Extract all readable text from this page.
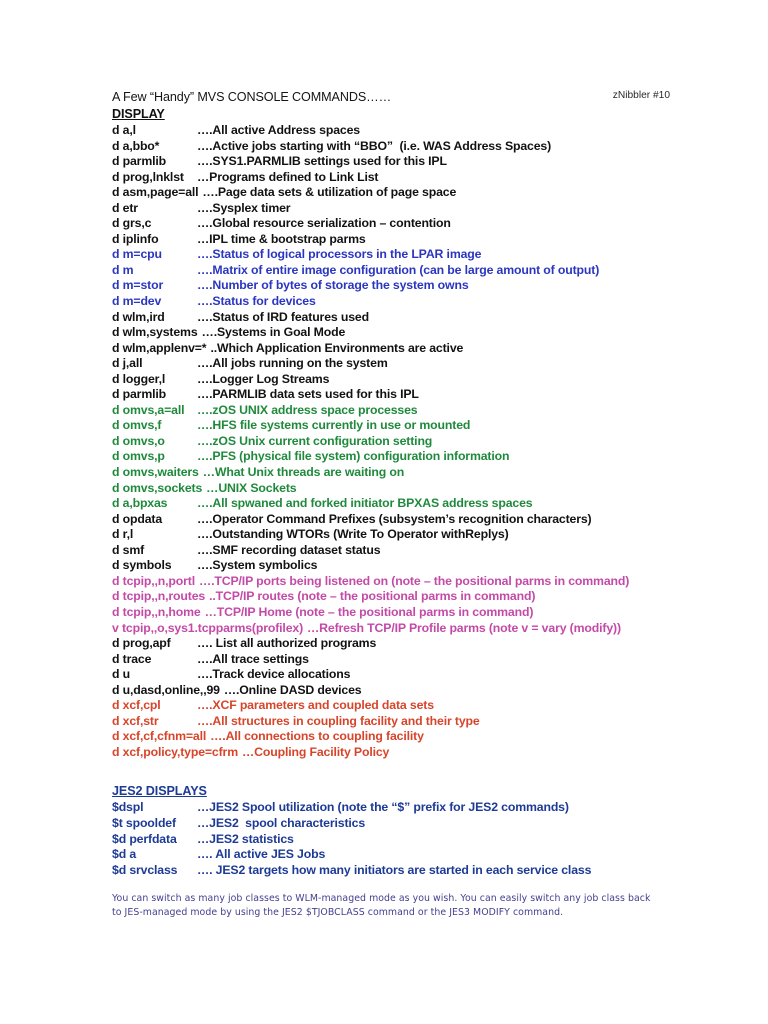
A Few “Handy” MVS CONSOLE COMMANDS……	zNibbler #10
DISPLAY
d a,l	….All active Address spaces
d a,bbo*	….Active jobs starting with “BBO”  (i.e. WAS Address Spaces)
d parmlib	….SYS1.PARMLIB settings used for this IPL
d prog,lnklst …Programs defined to Link List
d asm,page=all ….Page data sets & utilization of page space
d etr	….Sysplex timer
d grs,c	….Global resource serialization – contention
d iplinfo	…IPL time & bootstrap parms
d m=cpu	….Status of logical processors in the LPAR image
d m	….Matrix of entire image configuration (can be large amount of output)
d m=stor	….Number of bytes of storage the system owns
d m=dev	….Status for devices
d wlm,ird	….Status of IRD features used
d wlm,systems ….Systems in Goal Mode
d wlm,applenv=* ..Which Application Environments are active
d j,all	….All jobs running on the system
d logger,l	….Logger Log Streams
d parmlib	….PARMLIB data sets used for this IPL
d omvs,a=all ….zOS UNIX address space processes
d omvs,f	….HFS file systems currently in use or mounted
d omvs,o	….zOS Unix current configuration setting
d omvs,p	….PFS (physical file system) configuration information
d omvs,waiters …What Unix threads are waiting on
d omvs,sockets …UNIX Sockets
d a,bpxas ….All spwaned and forked initiator BPXAS address spaces
d opdata	….Operator Command Prefixes (subsystem’s recognition characters)
d r,l	….Outstanding WTORs (Write To Operator withReplys)
d smf	….SMF recording dataset status
d symbols ….System symbolics
d tcpip,,n,portl ….TCP/IP ports being listened on (note – the positional parms in command)
d tcpip,,n,routes ..TCP/IP routes (note – the positional parms in command)
d tcpip,,n,home …TCP/IP Home (note – the positional parms in command)
v tcpip,,o,sys1.tcpparms(profilex) …Refresh TCP/IP Profile parms (note v = vary (modify))
d prog,apf …. List all authorized programs
d trace	….All trace settings
d u	….Track device allocations
d u,dasd,online,,99 ….Online DASD devices
d xcf,cpl	….XCF parameters and coupled data sets
d xcf,str	….All structures in coupling facility and their type
d xcf,cf,cfnm=all ….All connections to coupling facility
d xcf,policy,type=cfrm …Coupling Facility Policy
JES2 DISPLAYS
$dspl	…JES2 Spool utilization (note the “$” prefix for JES2 commands)
$t spooldef …JES2  spool characteristics
$d perfdata …JES2 statistics
$d a	…. All active JES Jobs
$d srvclass …. JES2 targets how many initiators are started in each service class
You can switch as many job classes to WLM-managed mode as you wish. You can easily switch any job class back to JES-managed mode by using the JES2 $TJOBCLASS command or the JES3 MODIFY command.
